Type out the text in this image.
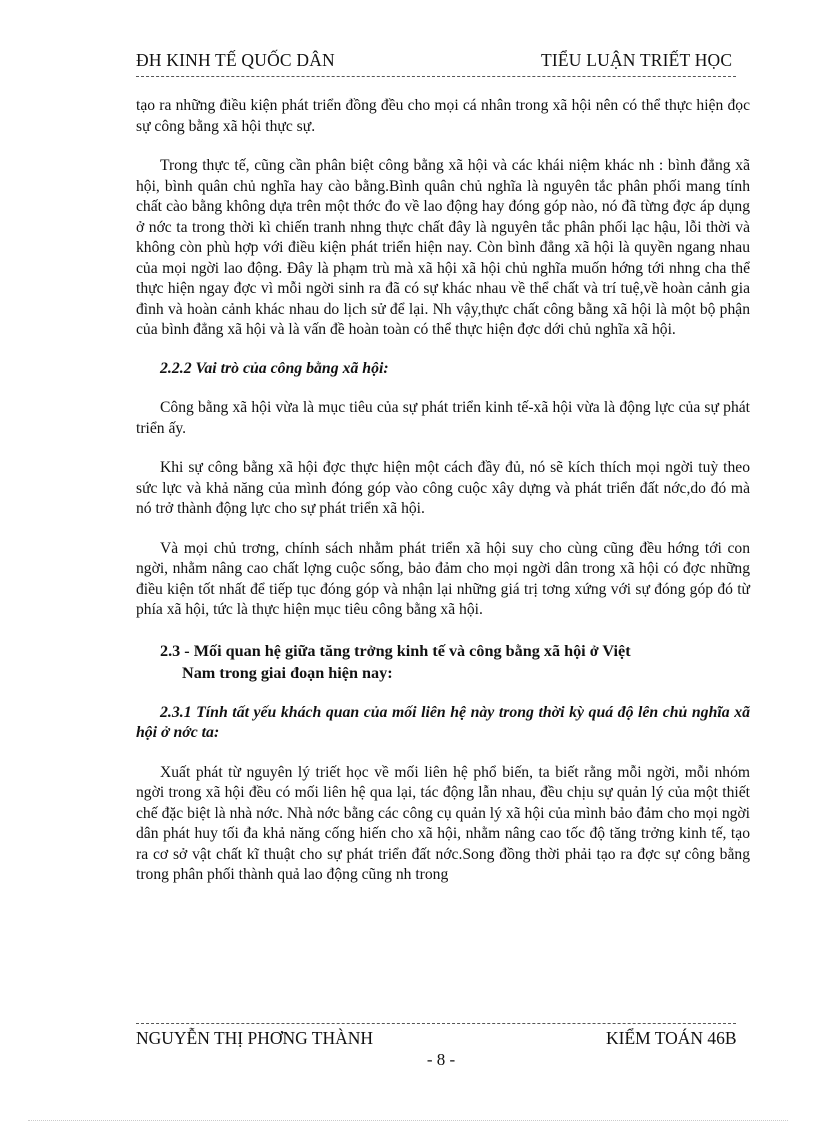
ĐH KINH TẾ QUỐC DÂN	TIỂU LUẬN TRIẾT HỌC

tạo ra những điều kiện phát triển đồng đều cho mọi cá nhân trong xã hội nên có thể thực hiện đọc sự công bằng xã hội thực sự.

Trong thực tế, cũng cần phân biệt công bằng xã hội và các khái niệm khác nh : bình đẳng xã hội, bình quân chủ nghĩa hay cào bằng.Bình quân chủ nghĩa là nguyên tắc phân phối mang tính chất cào bằng không dựa trên một thớc đo về lao động hay đóng góp nào, nó đã từng đợc áp dụng ở nớc ta trong thời kì chiến tranh nhng thực chất đây là nguyên tắc phân phối lạc hậu, lỗi thời và không còn phù hợp với điều kiện phát triển hiện nay. Còn bình đẳng xã hội là quyền ngang nhau của mọi ngời lao động. Đây là phạm trù mà xã hội xã hội chủ nghĩa muốn hớng tới nhng cha thể thực hiện ngay đợc vì mỗi ngời sinh ra đã có sự khác nhau về thể chất và trí tuệ,về hoàn cảnh gia đình và hoàn cảnh khác nhau do lịch sử để lại. Nh vậy,thực chất công bằng xã hội là một bộ phận của bình đẳng xã hội và là vấn đề hoàn toàn có thể thực hiện đợc dới chủ nghĩa xã hội.

2.2.2 Vai trò của công bằng xã hội:

Công bằng xã hội vừa là mục tiêu của sự phát triển kinh tế-xã hội vừa là động lực của sự phát triển ấy.

Khi sự công bằng xã hội đợc thực hiện một cách đầy đủ, nó sẽ kích thích mọi ngời tuỳ theo sức lực và khả năng của mình đóng góp vào công cuộc xây dựng và phát triển đất nớc,do đó mà nó trở thành động lực cho sự phát triển xã hội.

Và mọi chủ trơng, chính sách nhằm phát triển xã hội suy cho cùng cũng đều hớng tới con ngời, nhằm nâng cao chất lợng cuộc sống, bảo đảm cho mọi ngời dân trong xã hội có đợc những điều kiện tốt nhất để tiếp tục đóng góp và nhận lại những giá trị tơng xứng với sự đóng góp đó từ phía xã hội, tức là thực hiện mục tiêu công bằng xã hội.

2.3 - Mối quan hệ giữa tăng trởng kinh tế và công bằng xã hội ở Việt
Nam trong giai đoạn hiện nay:

2.3.1 Tính tất yếu khách quan của mối liên hệ này trong thời kỳ quá độ lên chủ nghĩa xã hội ở nớc ta:

Xuất phát từ nguyên lý triết học về mối liên hệ phổ biến, ta biết rằng mỗi ngời, mỗi nhóm ngời trong xã hội đều có mối liên hệ qua lại, tác động lẫn nhau, đều chịu sự quản lý của một thiết chế đặc biệt là nhà nớc. Nhà nớc bằng các công cụ quản lý xã hội của mình bảo đảm cho mọi ngời dân phát huy tối đa khả năng cống hiến cho xã hội, nhằm nâng cao tốc độ tăng trởng kinh tế, tạo ra cơ sở vật chất kĩ thuật cho sự phát triển đất nớc.Song đồng thời phải tạo ra đợc sự công bằng trong phân phối thành quả lao động cũng nh trong

NGUYỄN THỊ PHƠNG THÀNH	KIỂM TOÁN 46B
- 8 -
